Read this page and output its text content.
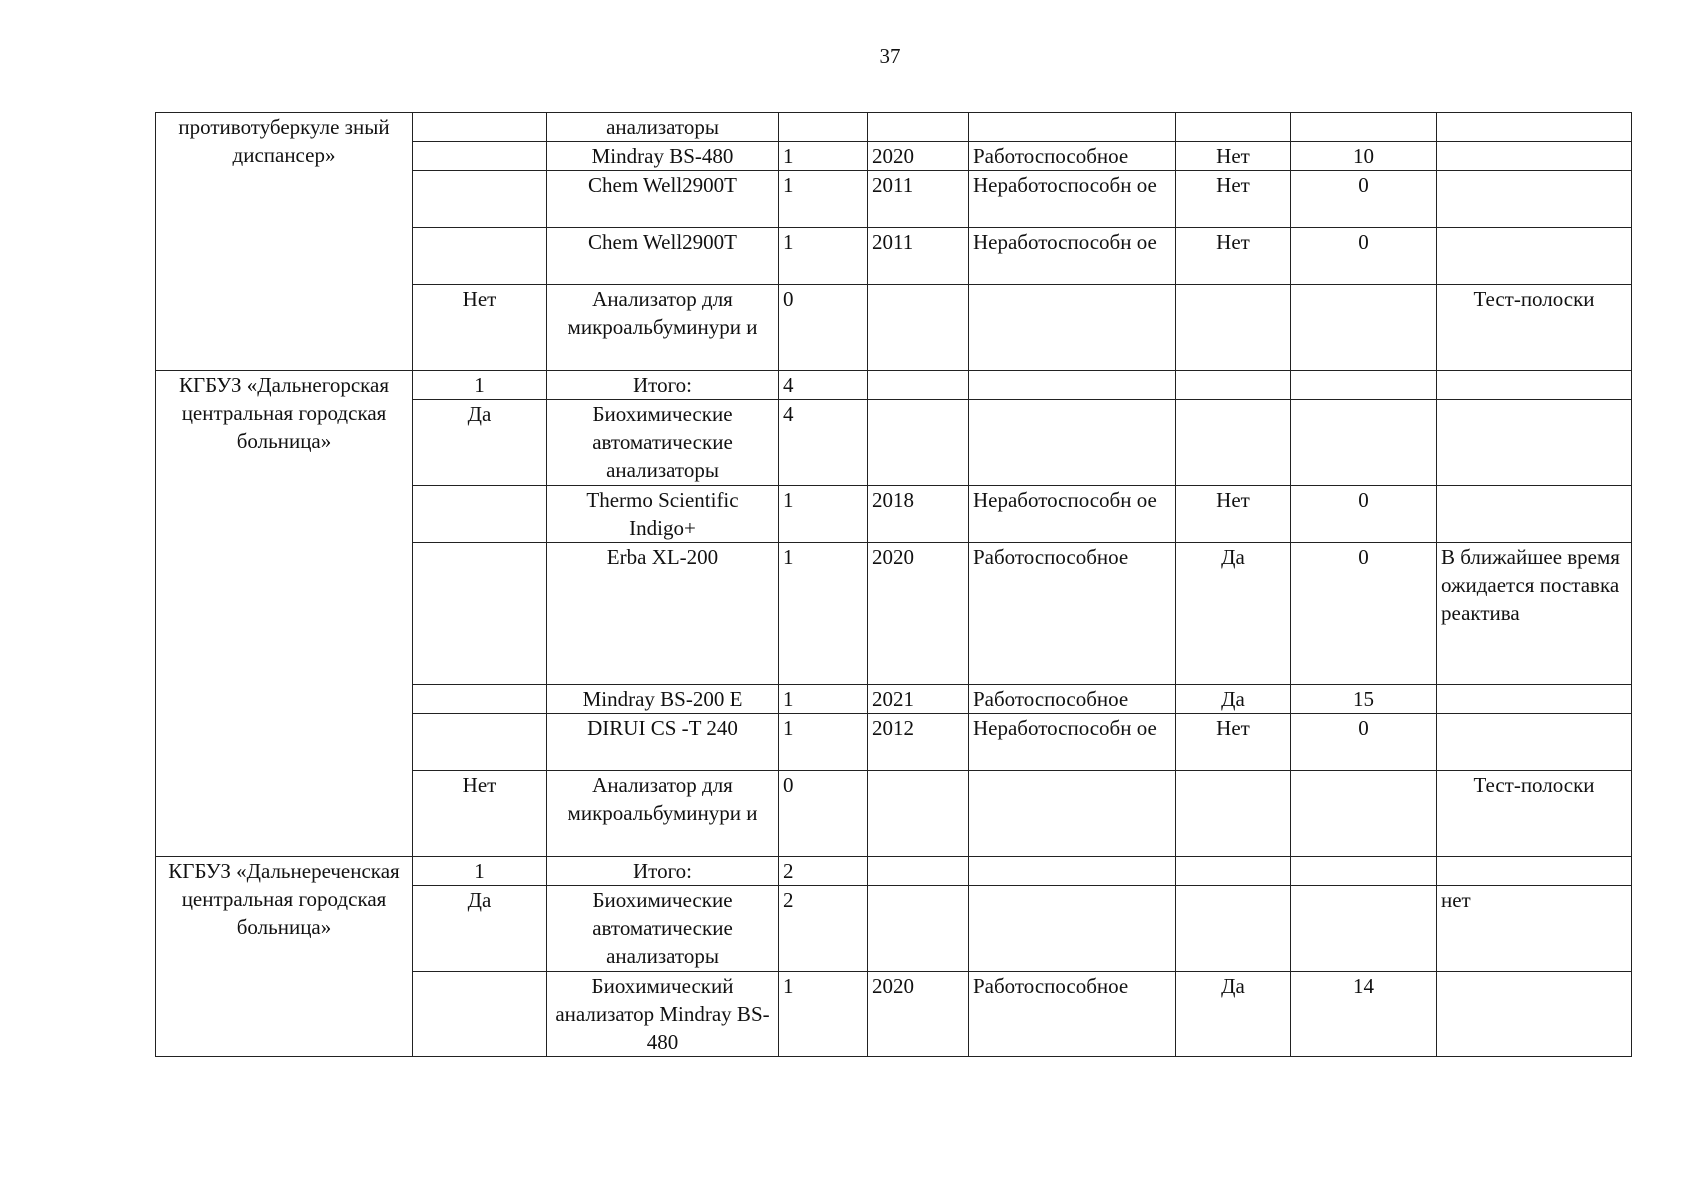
37
противотуберкуле зный диспансер»		анализаторы						
		Mindray BS-480	1	2020	Работоспособное	Нет	10	
		Chem Well2900T	1	2011	Неработоспособн ое	Нет	0	
		Chem Well2900T	1	2011	Неработоспособн ое	Нет	0	
	Нет	Анализатор для микроальбуминури и	0					Тест-полоски
КГБУЗ «Дальнегорская центральная городская больница»	1	Итого:	4					
	Да	Биохимические автоматические анализаторы	4					
		Thermo Scientific Indigo+	1	2018	Неработоспособн ое	Нет	0	
		Erba XL-200	1	2020	Работоспособное	Да	0	В ближайшее время ожидается поставка реактива
		Mindray BS-200 E	1	2021	Работоспособное	Да	15	
		DIRUI CS -T 240	1	2012	Неработоспособн ое	Нет	0	
	Нет	Анализатор для микроальбуминури и	0					Тест-полоски
КГБУЗ «Дальнереченская центральная городская больница»	1	Итого:	2					
	Да	Биохимические автоматические анализаторы	2					нет
		Биохимический анализатор Mindray BS-480	1	2020	Работоспособное	Да	14	
